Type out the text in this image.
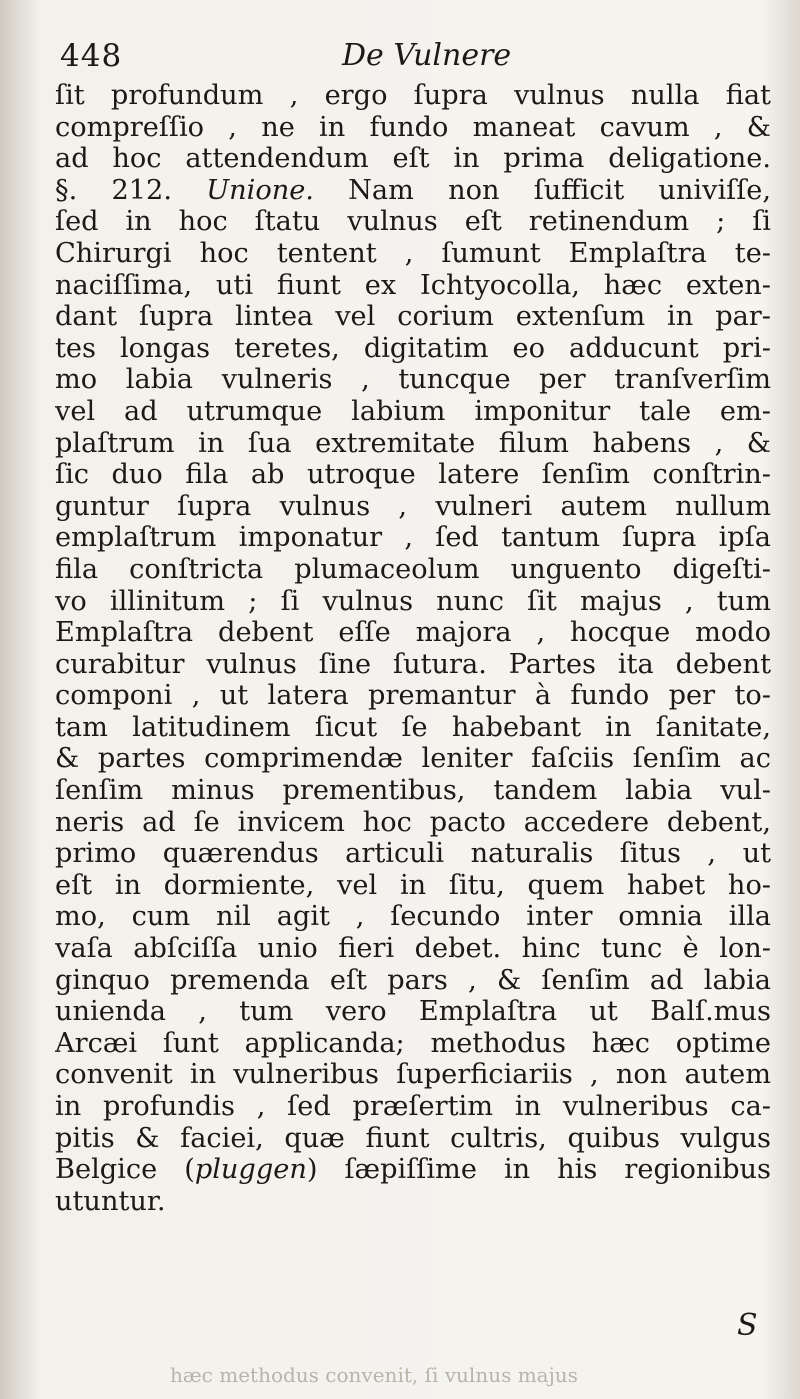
448	De Vulnere
ſit profundum , ergo ſupra vulnus nulla fiat
compreſſio , ne in fundo maneat cavum , &
ad hoc attendendum eſt in prima deligatione.
§. 212. Unione. Nam non ſufficit univiſſe,
ſed in hoc ſtatu vulnus eſt retinendum ; ſi
Chirurgi hoc tentent , ſumunt Emplaſtra te-
naciſſima, uti fiunt ex Ichtyocolla, hæc exten-
dant ſupra lintea vel corium extenſum in par-
tes longas teretes, digitatim eo adducunt pri-
mo labia vulneris , tuncque per tranſverſim
vel ad utrumque labium imponitur tale em-
plaſtrum in ſua extremitate filum habens , &
ſic duo fila ab utroque latere ſenſim conſtrin-
guntur ſupra vulnus , vulneri autem nullum
emplaſtrum imponatur , ſed tantum ſupra ipſa
fila conſtricta plumaceolum unguento digeſti-
vo illinitum ; ſi vulnus nunc ſit majus , tum
Emplaſtra debent eſſe majora , hocque modo
curabitur vulnus ſine ſutura. Partes ita debent
componi , ut latera premantur à fundo per to-
tam latitudinem ſicut ſe habebant in ſanitate,
& partes comprimendæ leniter faſciis ſenſim ac
ſenſim minus prementibus, tandem labia vul-
neris ad ſe invicem hoc pacto accedere debent,
primo quærendus articuli naturalis ſitus , ut
eſt in dormiente, vel in ſitu, quem habet ho-
mo, cum nil agit , ſecundo inter omnia illa
vaſa abſciſſa unio fieri debet. hinc tunc è lon-
ginquo premenda eſt pars , & ſenſim ad labia
unienda , tum vero Emplaſtra ut Balſ.mus
Arcæi ſunt applicanda; methodus hæc optime
convenit in vulneribus ſuperficiariis , non autem
in profundis , ſed præſertim in vulneribus ca-
pitis & faciei, quæ fiunt cultris, quibus vulgus
Belgice (pluggen) ſæpiſſime in his regionibus
utuntur.
hæc methodus convenit, ſi vulnus majus
S
